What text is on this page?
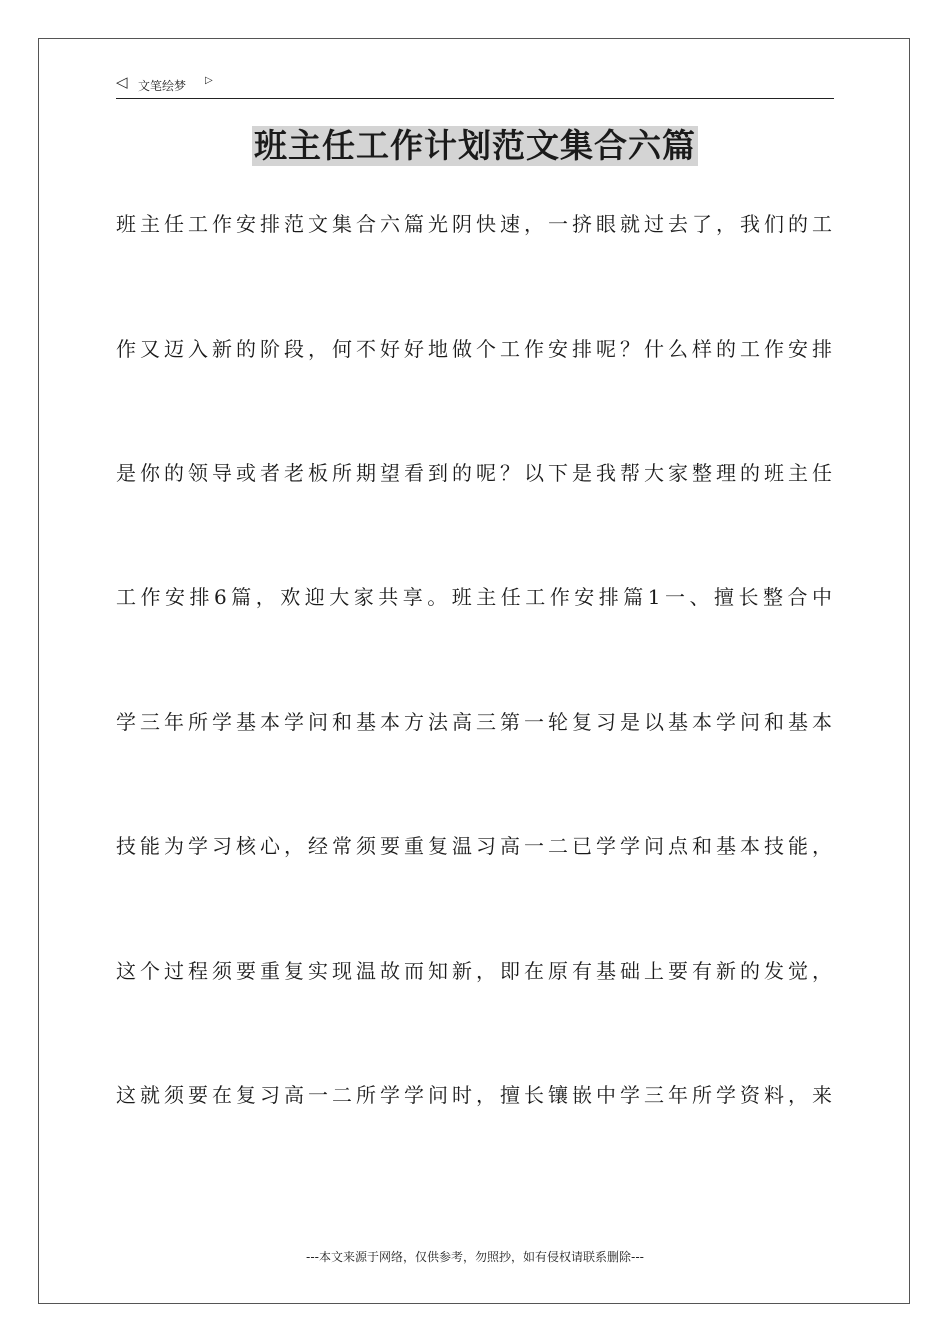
◁ 文笔绘梦 ▷
班主任工作计划范文集合六篇
班主任工作安排范文集合六篇光阴快速，一挤眼就过去了，我们的工
作又迈入新的阶段，何不好好地做个工作安排呢？什么样的工作安排
是你的领导或者老板所期望看到的呢？以下是我帮大家整理的班主任
工作安排6篇，欢迎大家共享。班主任工作安排篇1一、擅长整合中
学三年所学基本学问和基本方法高三第一轮复习是以基本学问和基本
技能为学习核心，经常须要重复温习高一二已学学问点和基本技能，
这个过程须要重复实现温故而知新，即在原有基础上要有新的发觉，
这就须要在复习高一二所学学问时，擅长镶嵌中学三年所学资料，来
---本文来源于网络，仅供参考，勿照抄，如有侵权请联系删除---
